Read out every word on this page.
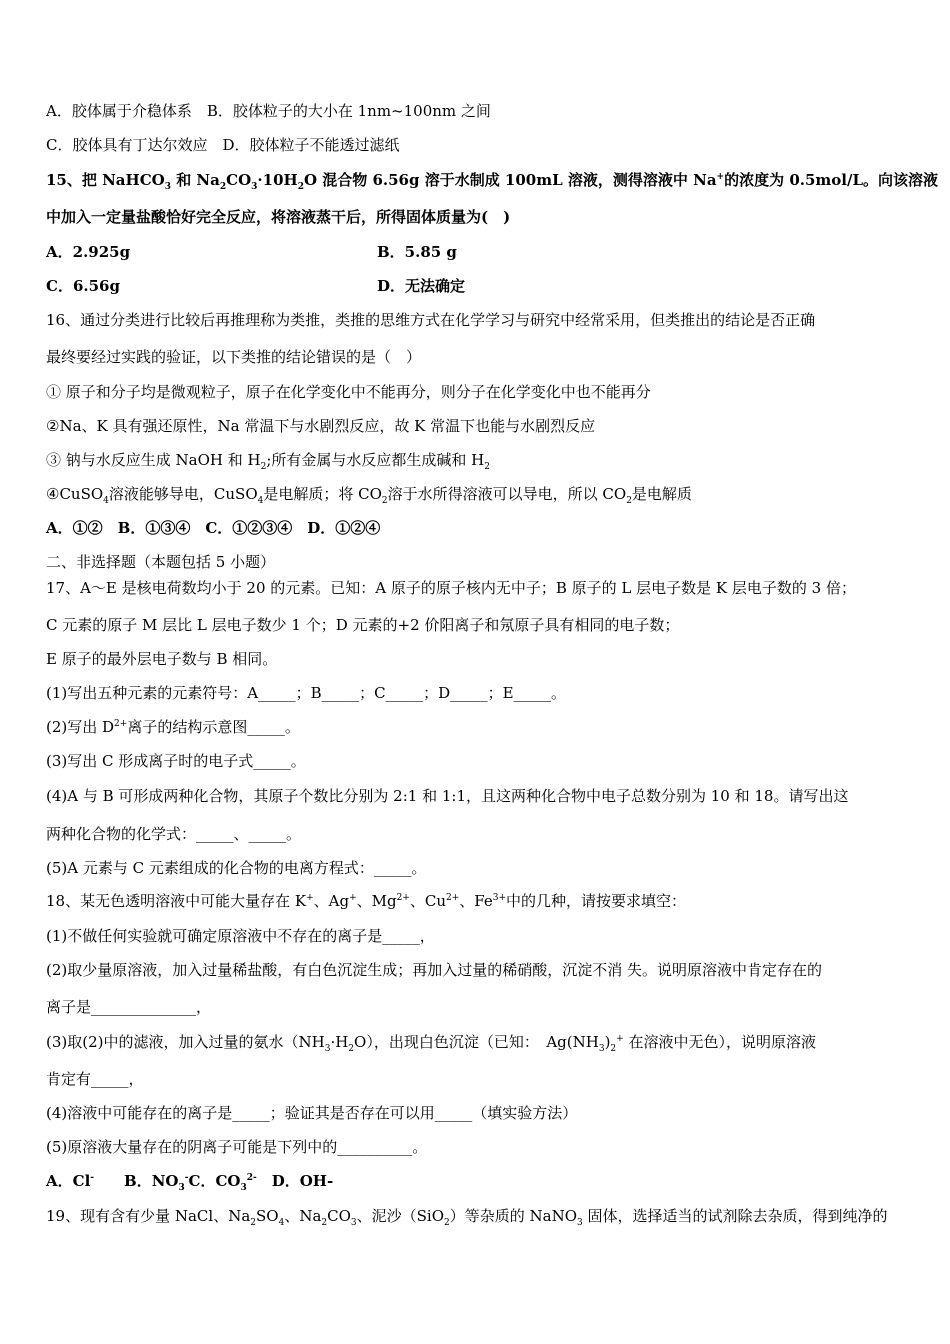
A．胶体属于介稳体系　B．胶体粒子的大小在 1nm~100nm 之间
C．胶体具有丁达尔效应　D．胶体粒子不能透过滤纸
15、把 NaHCO$_3$ 和 $Na_2CO_3\cdot 10H_2O$ 混合物 6.56g 溶于水制成 100mL 溶液，测得溶液中 Na+的浓度为 0.5mol/L。向该溶液
中加入一定量盐酸恰好完全反应，将溶液蒸干后，所得固体质量为(　)
A．2.925g	B．5.85 g
C．6.56g	D．无法确定
16、通过分类进行比较后再推理称为类推，类推的思维方式在化学学习与研究中经常采用，但类推出的结论是否正确
最终要经过实践的验证，以下类推的结论错误的是（　）
① 原子和分子均是微观粒子，原子在化学变化中不能再分，则分子在化学变化中也不能再分
②Na、K 具有强还原性，Na 常温下与水剧烈反应，故 K 常温下也能与水剧烈反应
③ 钠与水反应生成 NaOH 和 $H_2$;所有金属与水反应都生成碱和 $H_2$
④CuSO$_4$溶液能够导电，CuSO$_4$是电解质；将 $CO_2$溶于水所得溶液可以导电，所以 $CO_2$是电解质
A．①②　B．①③④　C．①②③④　D．①②④
二、非选择题（本题包括 5 小题）
17、A～E 是核电荷数均小于 20 的元素。已知：A 原子的原子核内无中子；B 原子的 L 层电子数是 K 层电子数的 3 倍；
C 元素的原子 M 层比 L 层电子数少 1 个；D 元素的+2 价阳离子和氖原子具有相同的电子数；
E 原子的最外层电子数与 B 相同。
(1)写出五种元素的元素符号：A_____；B_____；C_____；D_____；E_____。
(2)写出 $D^{2+}$离子的结构示意图_____。
(3)写出 C 形成离子时的电子式_____。
(4)A 与 B 可形成两种化合物，其原子个数比分别为 2:1 和 1:1，且这两种化合物中电子总数分别为 10 和 18。请写出这
两种化合物的化学式：_____、_____。
(5)A 元素与 C 元素组成的化合物的电离方程式：_____。
18、某无色透明溶液中可能大量存在 K+、Ag+、$Mg^{2+}$、$Cu^{2+}$、$Fe^{3+}$中的几种，请按要求填空：
(1)不做任何实验就可确定原溶液中不存在的离子是_____，
(2)取少量原溶液，加入过量稀盐酸，有白色沉淀生成；再加入过量的稀硝酸，沉淀不消 失。说明原溶液中肯定存在的
离子是______________，
(3)取(2)中的滤液，加入过量的氨水$(NH_3\cdot H_2O)$，出现白色沉淀（已知：　$Ag(NH_3)_2^+$ 在溶液中无色），说明原溶液
肯定有_____，
(4)溶液中可能存在的离子是_____；验证其是否存在可以用_____（填实验方法）
(5)原溶液大量存在的阴离子可能是下列中的__________。
A．Cl-　　B．$NO_3^-C$．$CO_3^{2-}$　D．OH-
19、现有含有少量 NaCl、$Na_2SO_4$、$Na_2CO_3$、泥沙（SiO$_2$）等杂质的 NaNO$_3$ 固体，选择适当的试剂除去杂质，得到纯净的
